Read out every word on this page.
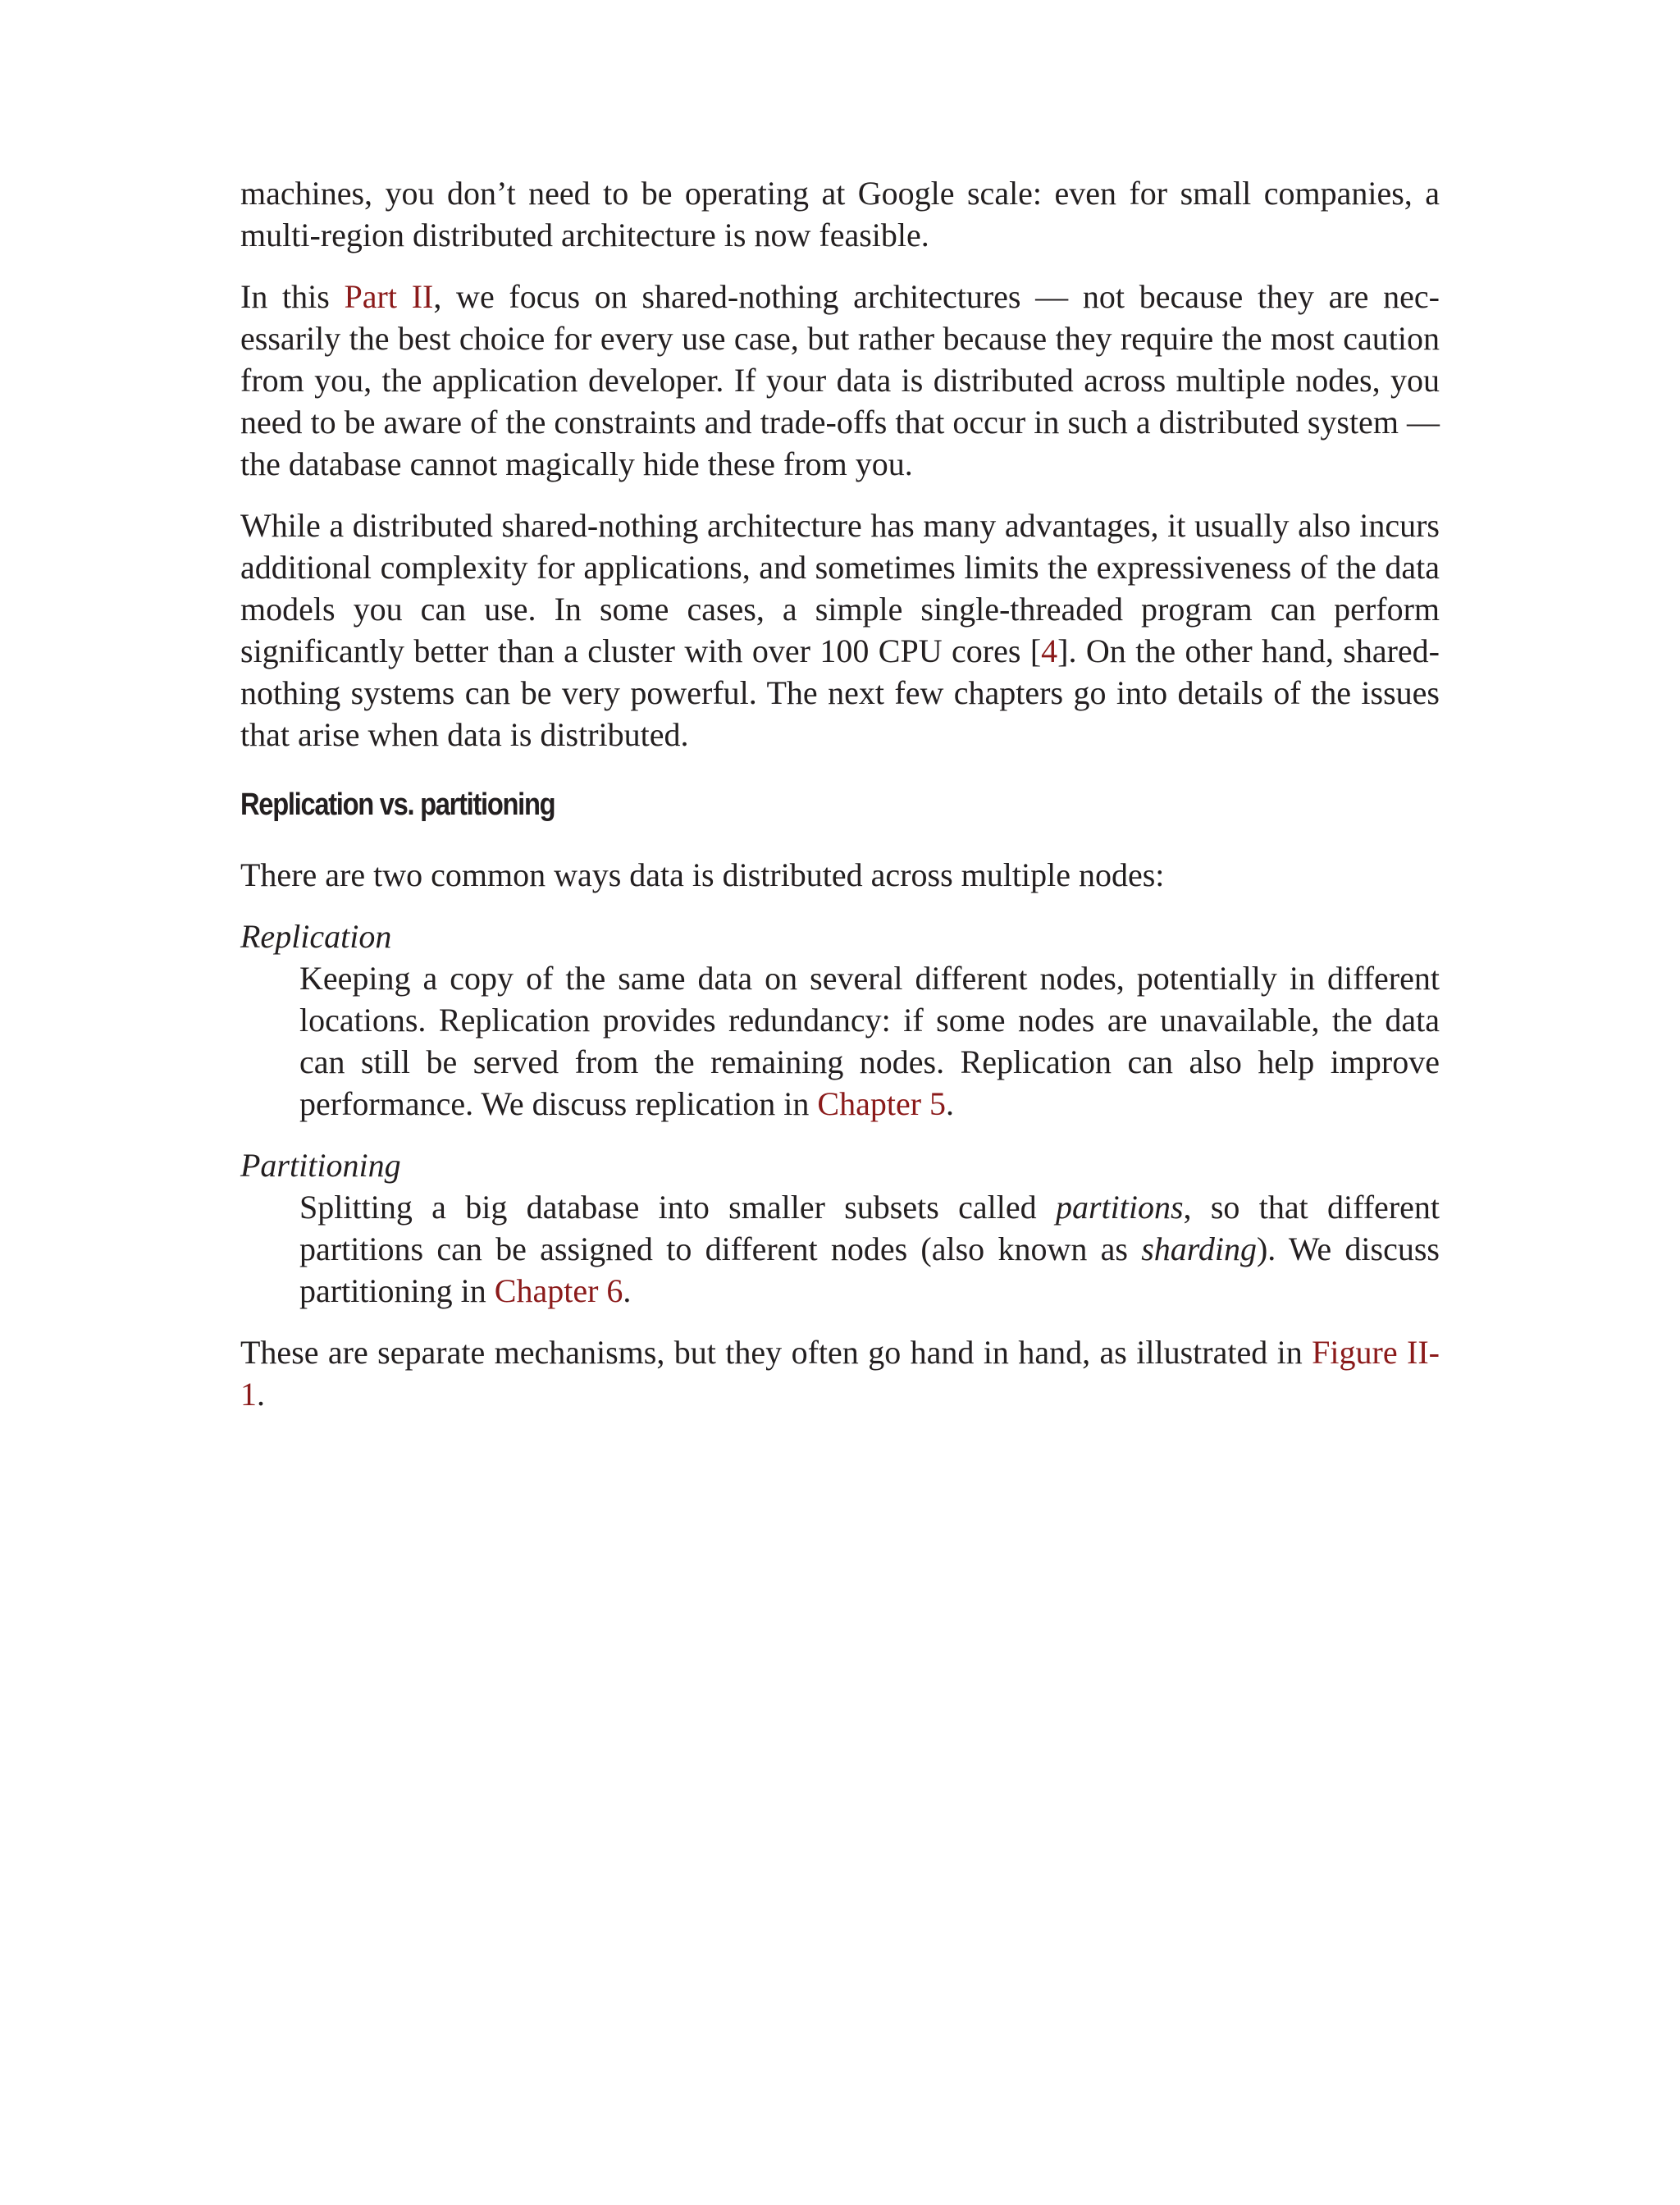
machines, you don’t need to be operating at Google scale: even for small companies, a multi-region distributed architecture is now feasible.

In this Part II, we focus on shared-nothing architectures — not because they are necessarily the best choice for every use case, but rather because they require the most caution from you, the application developer. If your data is distributed across multiple nodes, you need to be aware of the constraints and trade-offs that occur in such a distributed system — the database cannot magically hide these from you.

While a distributed shared-nothing architecture has many advantages, it usually also incurs additional complexity for applications, and sometimes limits the expressiveness of the data models you can use. In some cases, a simple single-threaded program can perform significantly better than a cluster with over 100 CPU cores [4]. On the other hand, shared-nothing systems can be very powerful. The next few chapters go into details of the issues that arise when data is distributed.

Replication vs. partitioning

There are two common ways data is distributed across multiple nodes:

Replication
Keeping a copy of the same data on several different nodes, potentially in different locations. Replication provides redundancy: if some nodes are unavailable, the data can still be served from the remaining nodes. Replication can also help improve performance. We discuss replication in Chapter 5.
Partitioning
Splitting a big database into smaller subsets called partitions, so that different partitions can be assigned to different nodes (also known as sharding). We discuss partitioning in Chapter 6.

These are separate mechanisms, but they often go hand in hand, as illustrated in Figure II-1.
